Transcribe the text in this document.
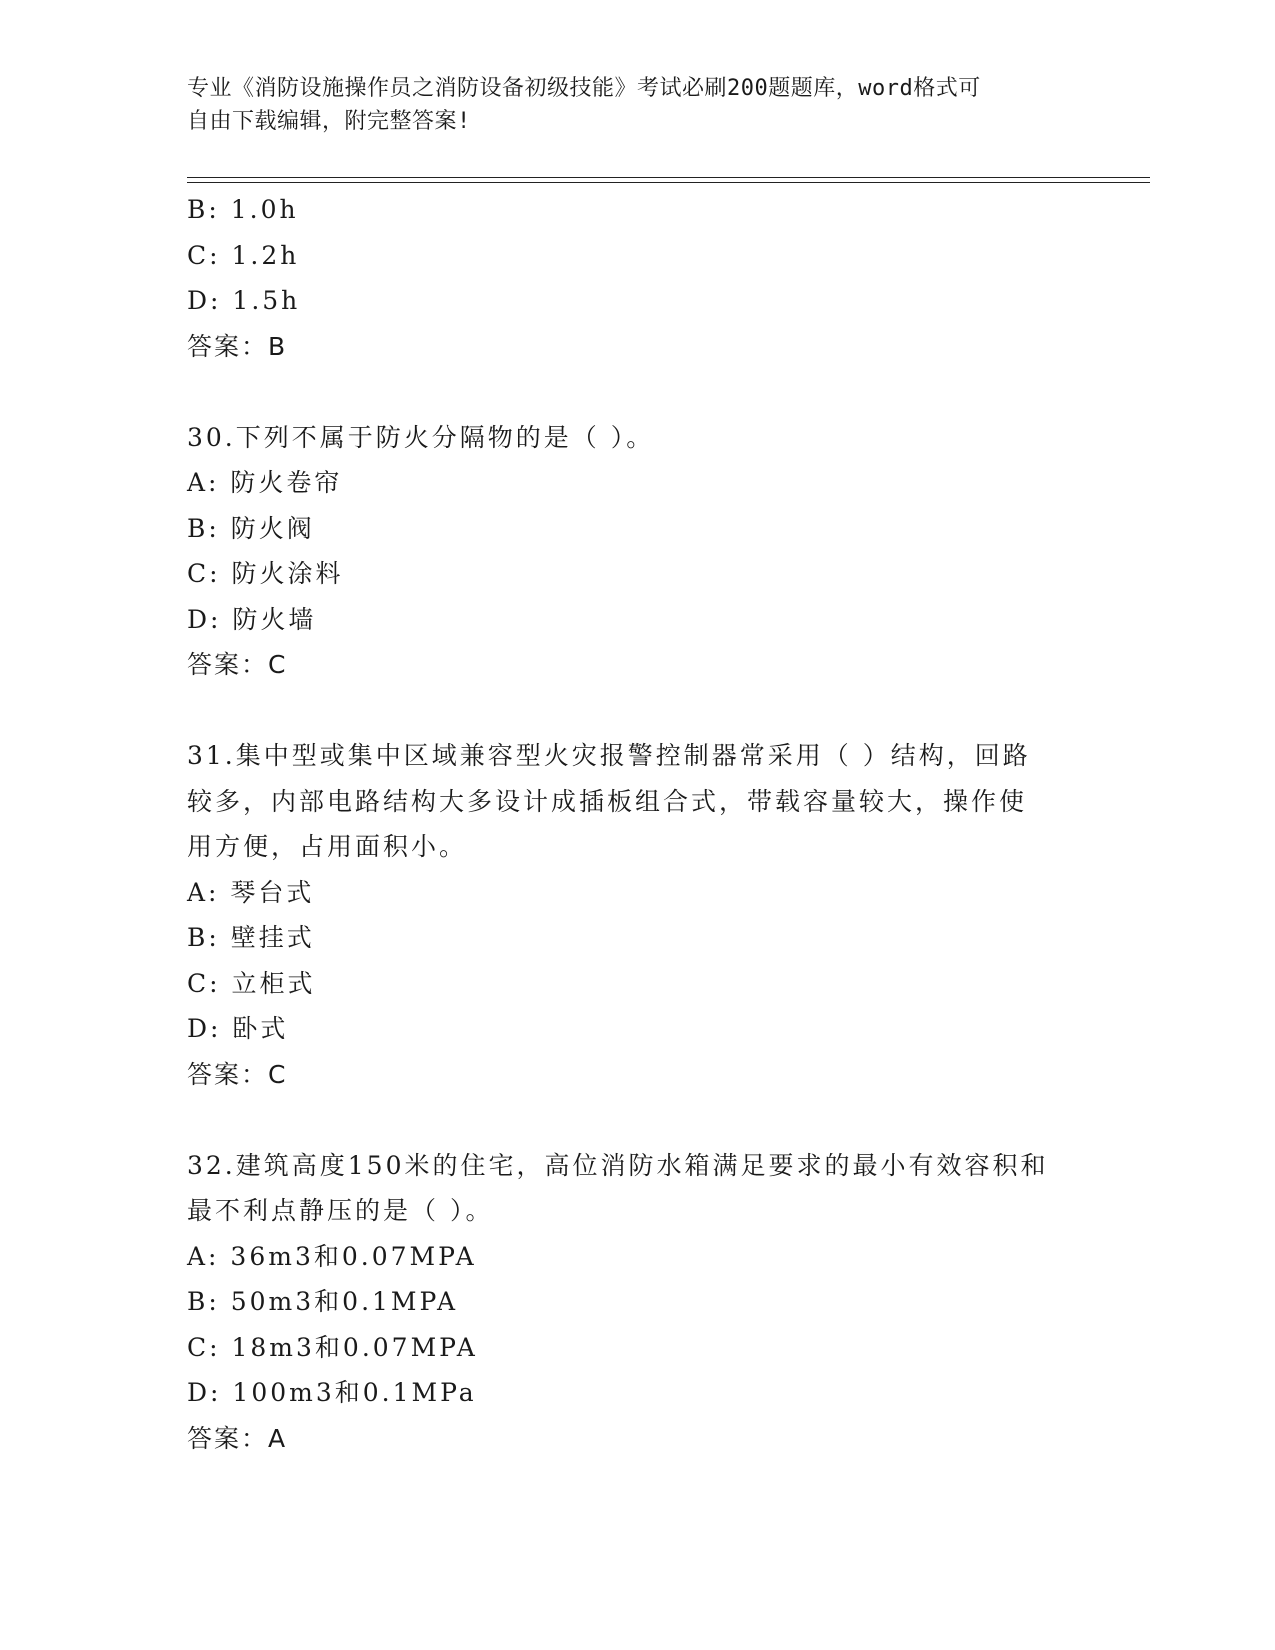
专业《消防设施操作员之消防设备初级技能》考试必刷200题题库，word格式可
自由下载编辑，附完整答案!
B: 1.0h
C: 1.2h
D: 1.5h
答案：B
30.下列不属于防火分隔物的是（ ）。
A: 防火卷帘
B: 防火阀
C: 防火涂料
D: 防火墙
答案：C
31.集中型或集中区域兼容型火灾报警控制器常采用（ ）结构，回路
较多，内部电路结构大多设计成插板组合式，带载容量较大，操作使
用方便，占用面积小。
A: 琴台式
B: 壁挂式
C: 立柜式
D: 卧式
答案：C
32.建筑高度150米的住宅，高位消防水箱满足要求的最小有效容积和
最不利点静压的是（ ）。
A: 36m3和0.07MPA
B: 50m3和0.1MPA
C: 18m3和0.07MPA
D: 100m3和0.1MPa
答案：A
